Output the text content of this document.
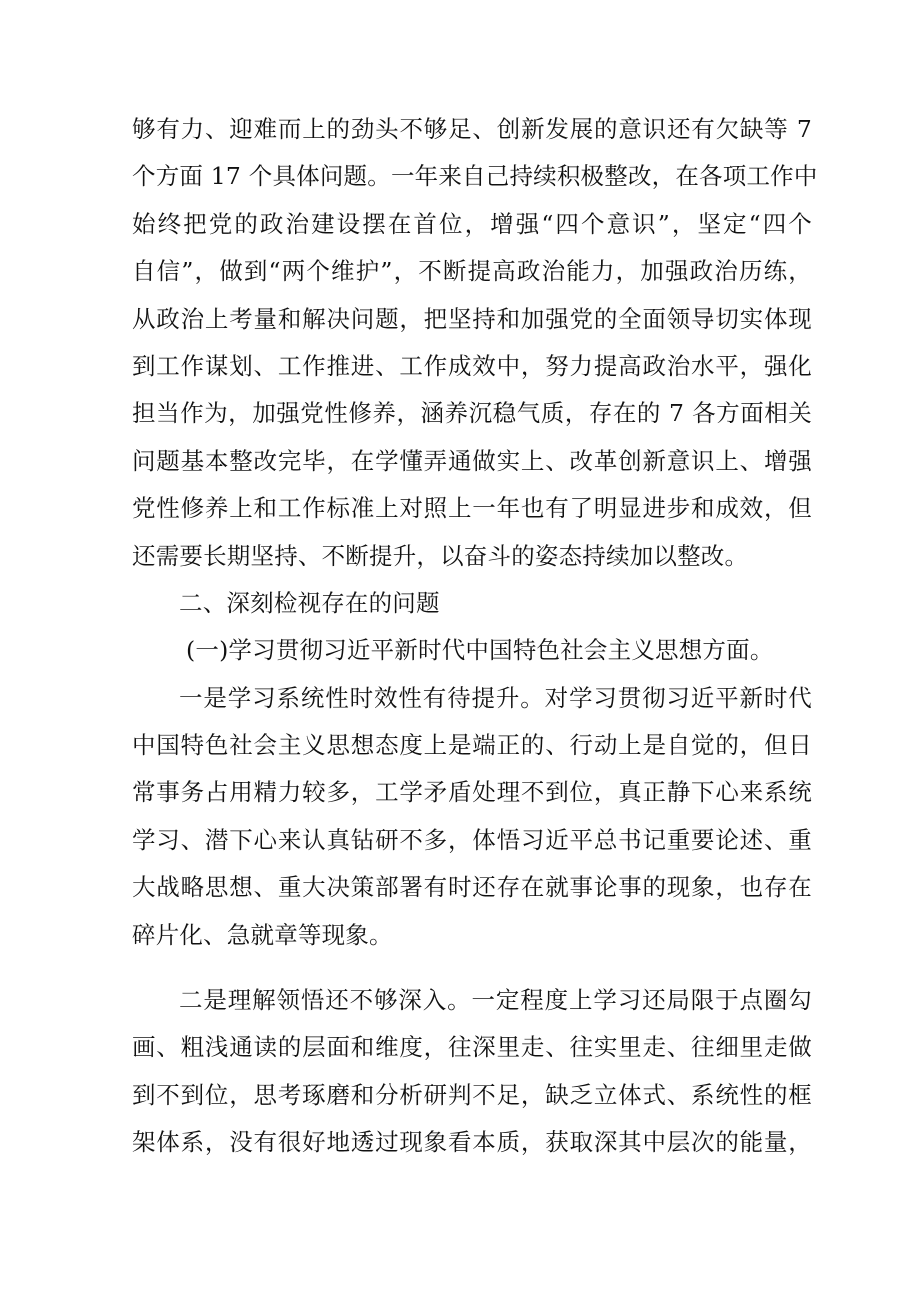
够有力、迎难而上的劲头不够足、创新发展的意识还有欠缺等 7
个方面 17 个具体问题。一年来自己持续积极整改，在各项工作中
始终把党的政治建设摆在首位，增强“四个意识”，坚定“四个
自信”，做到“两个维护”，不断提高政治能力，加强政治历练，
从政治上考量和解决问题，把坚持和加强党的全面领导切实体现
到工作谋划、工作推进、工作成效中，努力提高政治水平，强化
担当作为，加强党性修养，涵养沉稳气质，存在的 7 各方面相关
问题基本整改完毕，在学懂弄通做实上、改革创新意识上、增强
党性修养上和工作标准上对照上一年也有了明显进步和成效，但
还需要长期坚持、不断提升，以奋斗的姿态持续加以整改。
二、深刻检视存在的问题
(一)学习贯彻习近平新时代中国特色社会主义思想方面。
一是学习系统性时效性有待提升。对学习贯彻习近平新时代
中国特色社会主义思想态度上是端正的、行动上是自觉的，但日
常事务占用精力较多，工学矛盾处理不到位，真正静下心来系统
学习、潜下心来认真钻研不多，体悟习近平总书记重要论述、重
大战略思想、重大决策部署有时还存在就事论事的现象，也存在
碎片化、急就章等现象。
二是理解领悟还不够深入。一定程度上学习还局限于点圈勾
画、粗浅通读的层面和维度，往深里走、往实里走、往细里走做
到不到位，思考琢磨和分析研判不足，缺乏立体式、系统性的框
架体系，没有很好地透过现象看本质，获取深其中层次的能量，
